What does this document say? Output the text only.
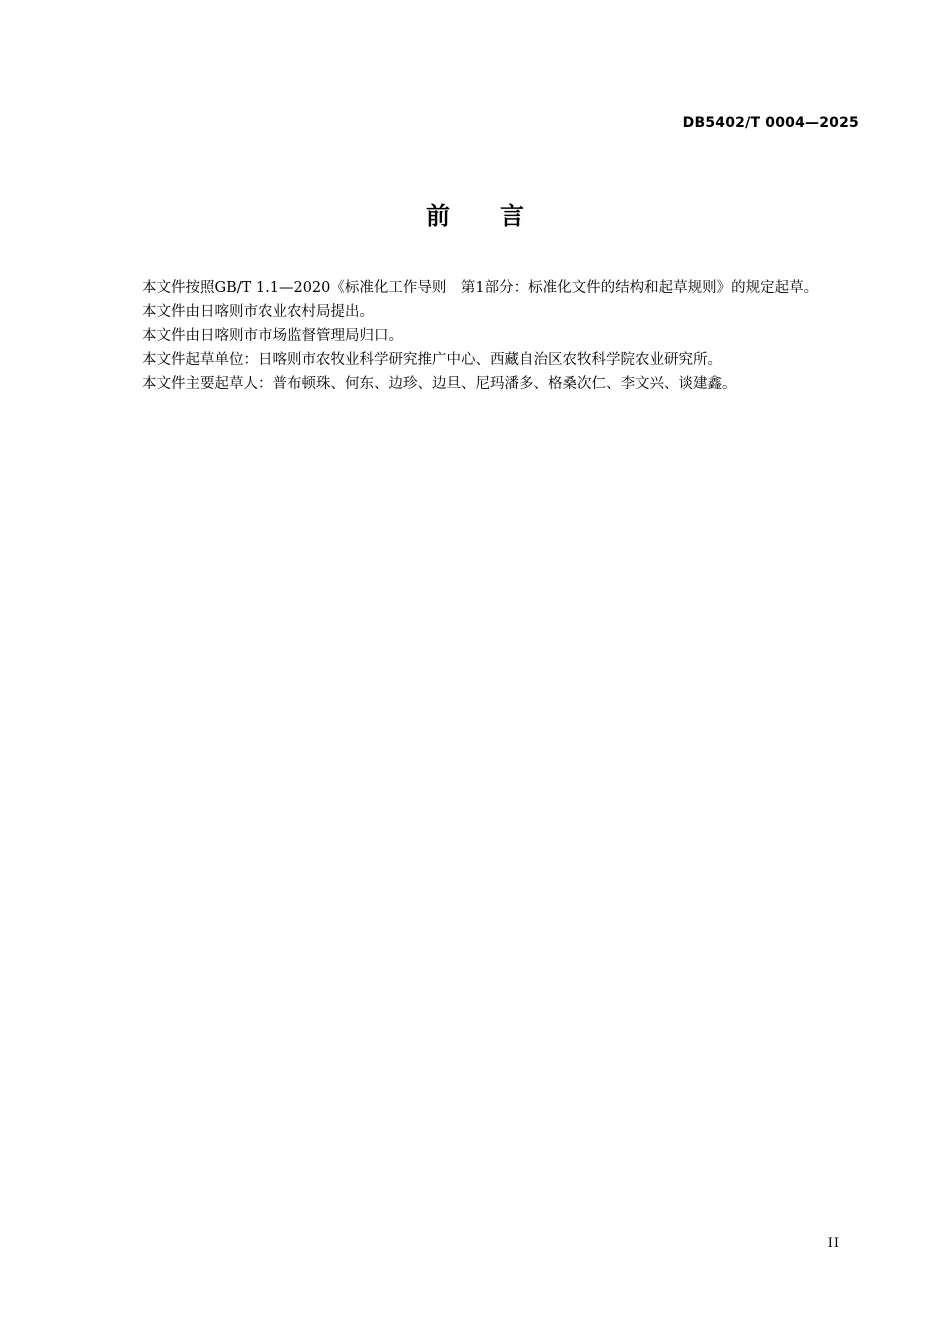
DB5402/T 0004—2025
前 言

本文件按照GB/T 1.1—2020《标准化工作导则　第1部分：标准化文件的结构和起草规则》的规定起草。

本文件由日喀则市农业农村局提出。

本文件由日喀则市市场监督管理局归口。

本文件起草单位：日喀则市农牧业科学研究推广中心、西藏自治区农牧科学院农业研究所。

本文件主要起草人：普布顿珠、何东、边珍、边旦、尼玛潘多、格桑次仁、李文兴、谈建鑫。

II
